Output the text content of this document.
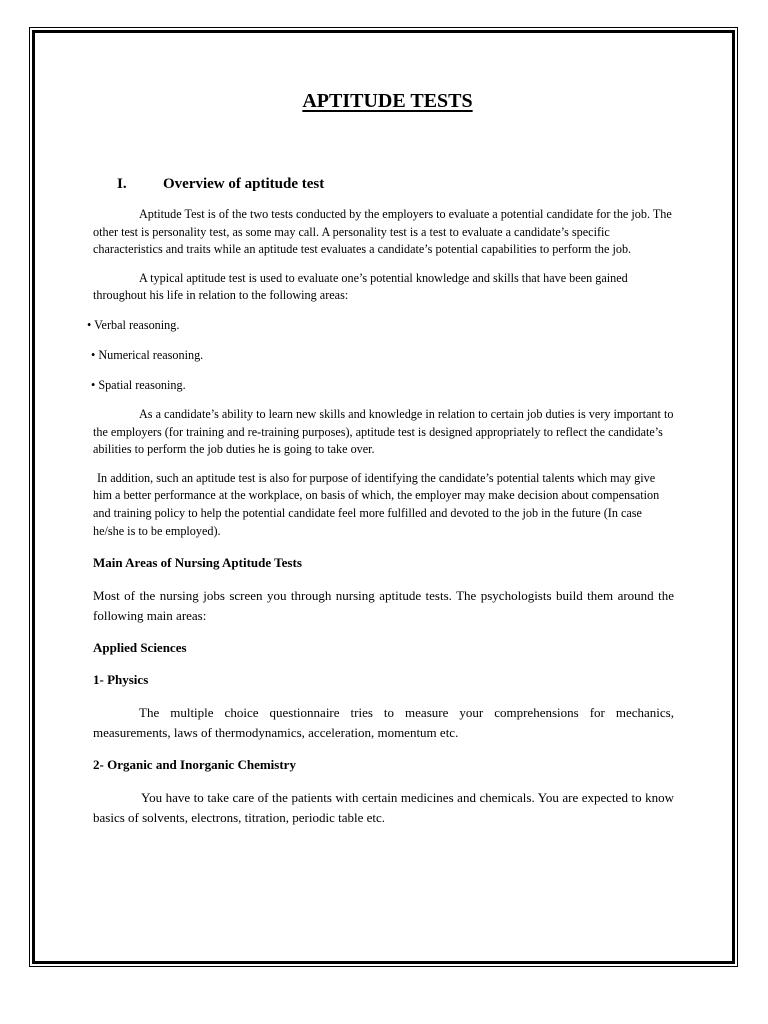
APTITUDE TESTS
I. Overview of aptitude test

Aptitude Test is of the two tests conducted by the employers to evaluate a potential candidate for the job. The other test is personality test, as some may call. A personality test is a test to evaluate a candidate’s specific characteristics and traits while an aptitude test evaluates a candidate’s potential capabilities to perform the job.

A typical aptitude test is used to evaluate one’s potential knowledge and skills that have been gained throughout his life in relation to the following areas:

• Verbal reasoning.
• Numerical reasoning.
• Spatial reasoning.

As a candidate’s ability to learn new skills and knowledge in relation to certain job duties is very important to the employers (for training and re-training purposes), aptitude test is designed appropriately to reflect the candidate’s abilities to perform the job duties he is going to take over.

In addition, such an aptitude test is also for purpose of identifying the candidate’s potential talents which may give him a better performance at the workplace, on basis of which, the employer may make decision about compensation and training policy to help the potential candidate feel more fulfilled and devoted to the job in the future (In case he/she is to be employed).

Main Areas of Nursing Aptitude Tests

Most of the nursing jobs screen you through nursing aptitude tests. The psychologists build them around the following main areas:

Applied Sciences
1- Physics

The multiple choice questionnaire tries to measure your comprehensions for mechanics, measurements, laws of thermodynamics, acceleration, momentum etc.

2- Organic and Inorganic Chemistry

You have to take care of the patients with certain medicines and chemicals. You are expected to know basics of solvents, electrons, titration, periodic table etc.
